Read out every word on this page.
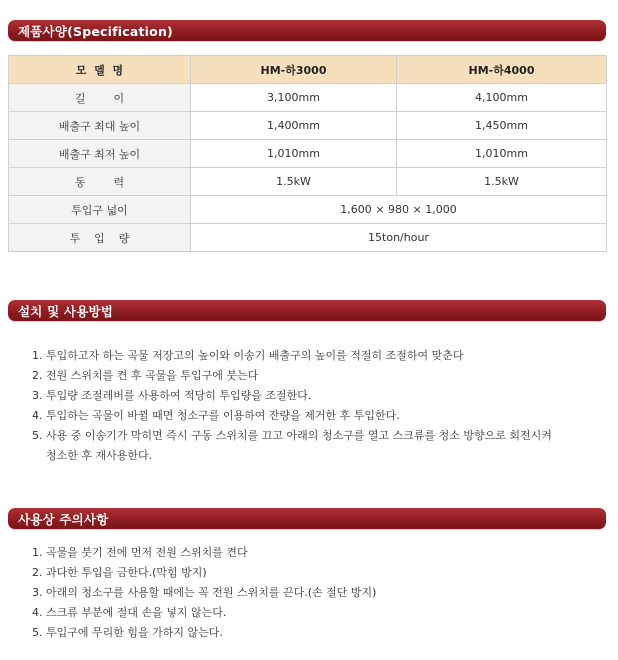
제품사양(Specification)
모  델  명	HM-하3000	HM-하4000
길        이	3,100mm	4,100mm
배출구 최대 높이	1,400mm	1,450mm
배출구 최저 높이	1,010mm	1,010mm
동        력	1.5kW	1.5kW
투입구 넓이	1,600 × 980 × 1,000	
투    입    량	15ton/hour	
설치 및 사용방법
1. 투입하고자 하는 곡물 저장고의 높이와 이송기 배출구의 높이를 적절히 조절하여 맞춘다
2. 전원 스위치를 켠 후 곡물을 투입구에 붓는다
3. 투입량 조절레버를 사용하여 적당히 투입량을 조절한다.
4. 투입하는 곡물이 바뀔 때면 청소구를 이용하여 잔량을 제거한 후 투입한다.
5. 사용 중 이송기가 막히면 즉시 구동 스위치를 끄고 아래의 청소구를 열고 스크류를 청소 방향으로 회전시켜
청소한 후 재사용한다.
사용상 주의사항
1. 곡물을 붓기 전에 먼저 전원 스위치를 켠다
2. 과다한 투입을 금한다.(막힘 방지)
3. 아래의 청소구를 사용할 때에는 꼭 전원 스위치를 끈다.(손 절단 방지)
4. 스크류 부분에 절대 손을 넣지 않는다.
5. 투입구에 무리한 힘을 가하지 않는다.
